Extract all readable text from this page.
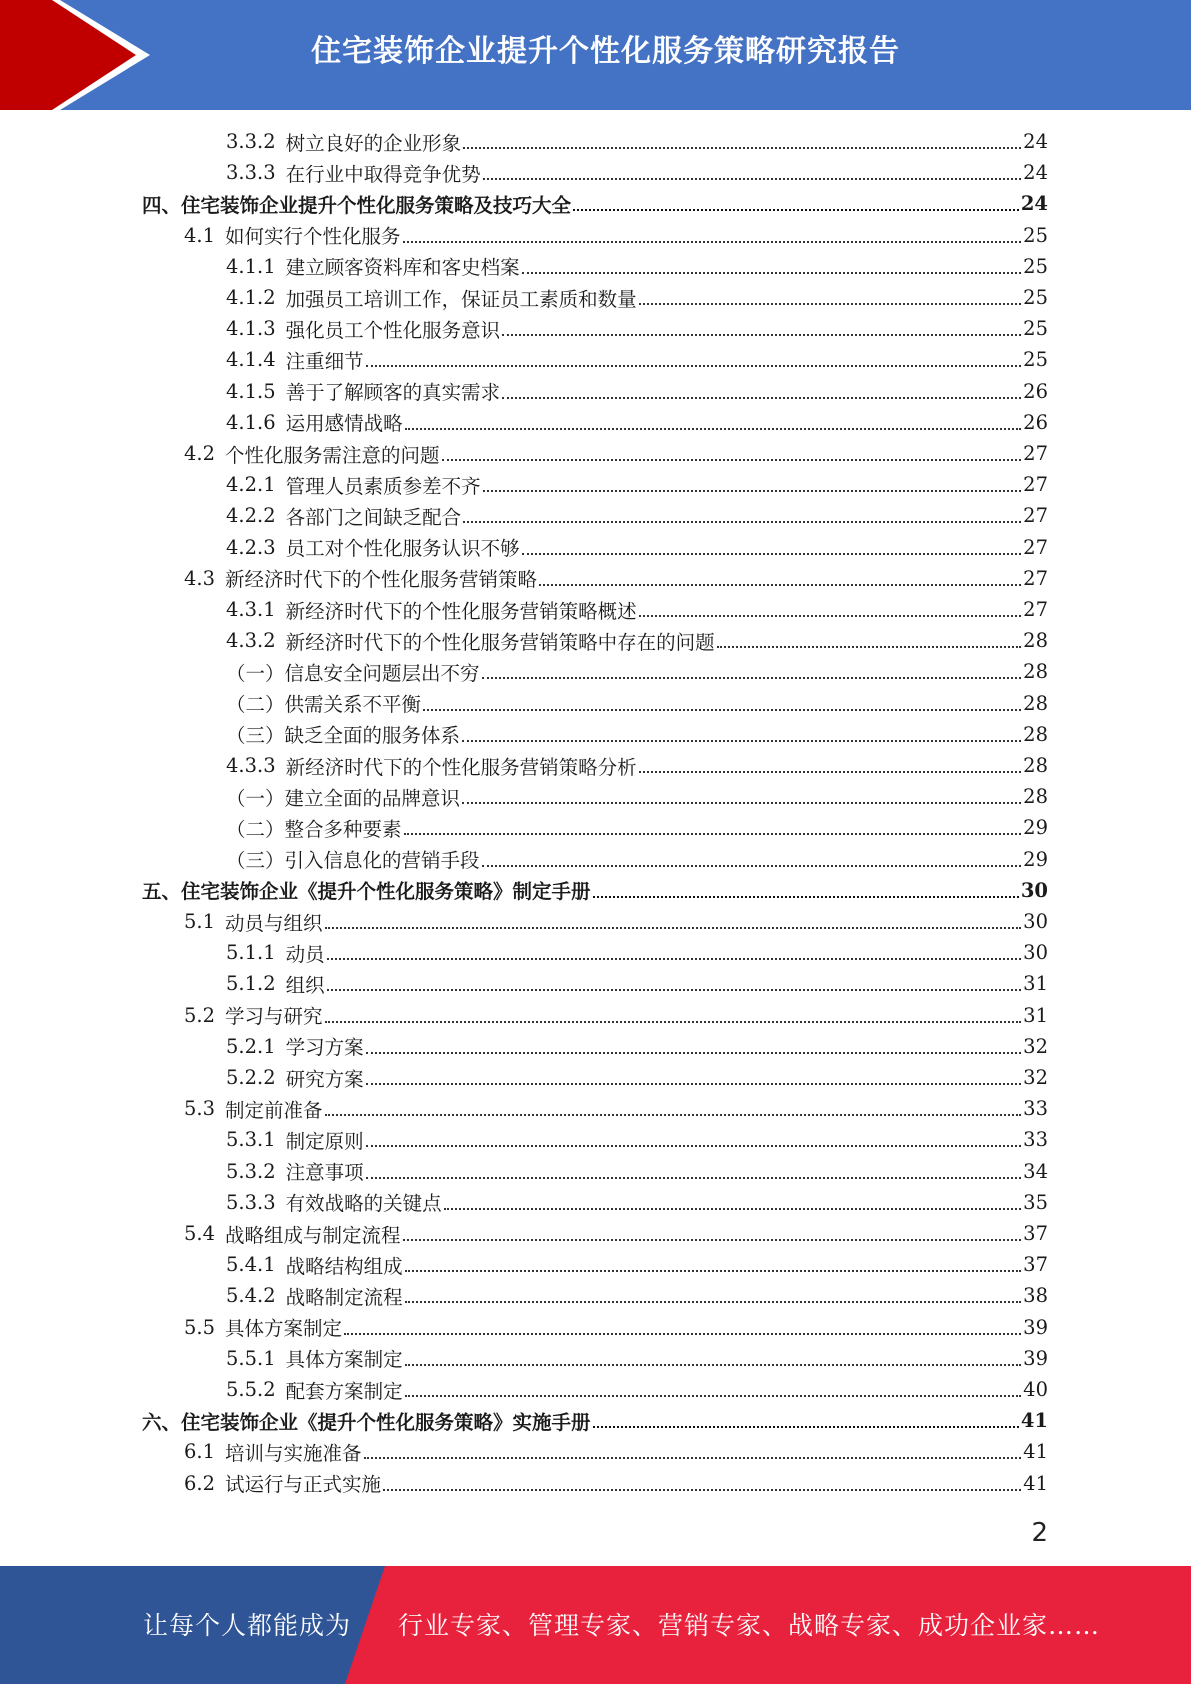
住宅装饰企业提升个性化服务策略研究报告
3.3.2 树立良好的企业形象	24
3.3.3 在行业中取得竞争优势	24
四、住宅装饰企业提升个性化服务策略及技巧大全	24
4.1 如何实行个性化服务	25
4.1.1 建立顾客资料库和客史档案	25
4.1.2 加强员工培训工作，保证员工素质和数量	25
4.1.3 强化员工个性化服务意识	25
4.1.4 注重细节	25
4.1.5 善于了解顾客的真实需求	26
4.1.6 运用感情战略	26
4.2 个性化服务需注意的问题	27
4.2.1 管理人员素质参差不齐	27
4.2.2 各部门之间缺乏配合	27
4.2.3 员工对个性化服务认识不够	27
4.3 新经济时代下的个性化服务营销策略	27
4.3.1 新经济时代下的个性化服务营销策略概述	27
4.3.2 新经济时代下的个性化服务营销策略中存在的问题	28
（一）信息安全问题层出不穷	28
（二）供需关系不平衡	28
（三）缺乏全面的服务体系	28
4.3.3 新经济时代下的个性化服务营销策略分析	28
（一）建立全面的品牌意识	28
（二）整合多种要素	29
（三）引入信息化的营销手段	29
五、住宅装饰企业《提升个性化服务策略》制定手册	30
5.1 动员与组织	30
5.1.1 动员	30
5.1.2 组织	31
5.2 学习与研究	31
5.2.1 学习方案	32
5.2.2 研究方案	32
5.3 制定前准备	33
5.3.1 制定原则	33
5.3.2 注意事项	34
5.3.3 有效战略的关键点	35
5.4 战略组成与制定流程	37
5.4.1 战略结构组成	37
5.4.2 战略制定流程	38
5.5 具体方案制定	39
5.5.1 具体方案制定	39
5.5.2 配套方案制定	40
六、住宅装饰企业《提升个性化服务策略》实施手册	41
6.1 培训与实施准备	41
6.2 试运行与正式实施	41
2
让每个人都能成为 行业专家、管理专家、营销专家、战略专家、成功企业家……
